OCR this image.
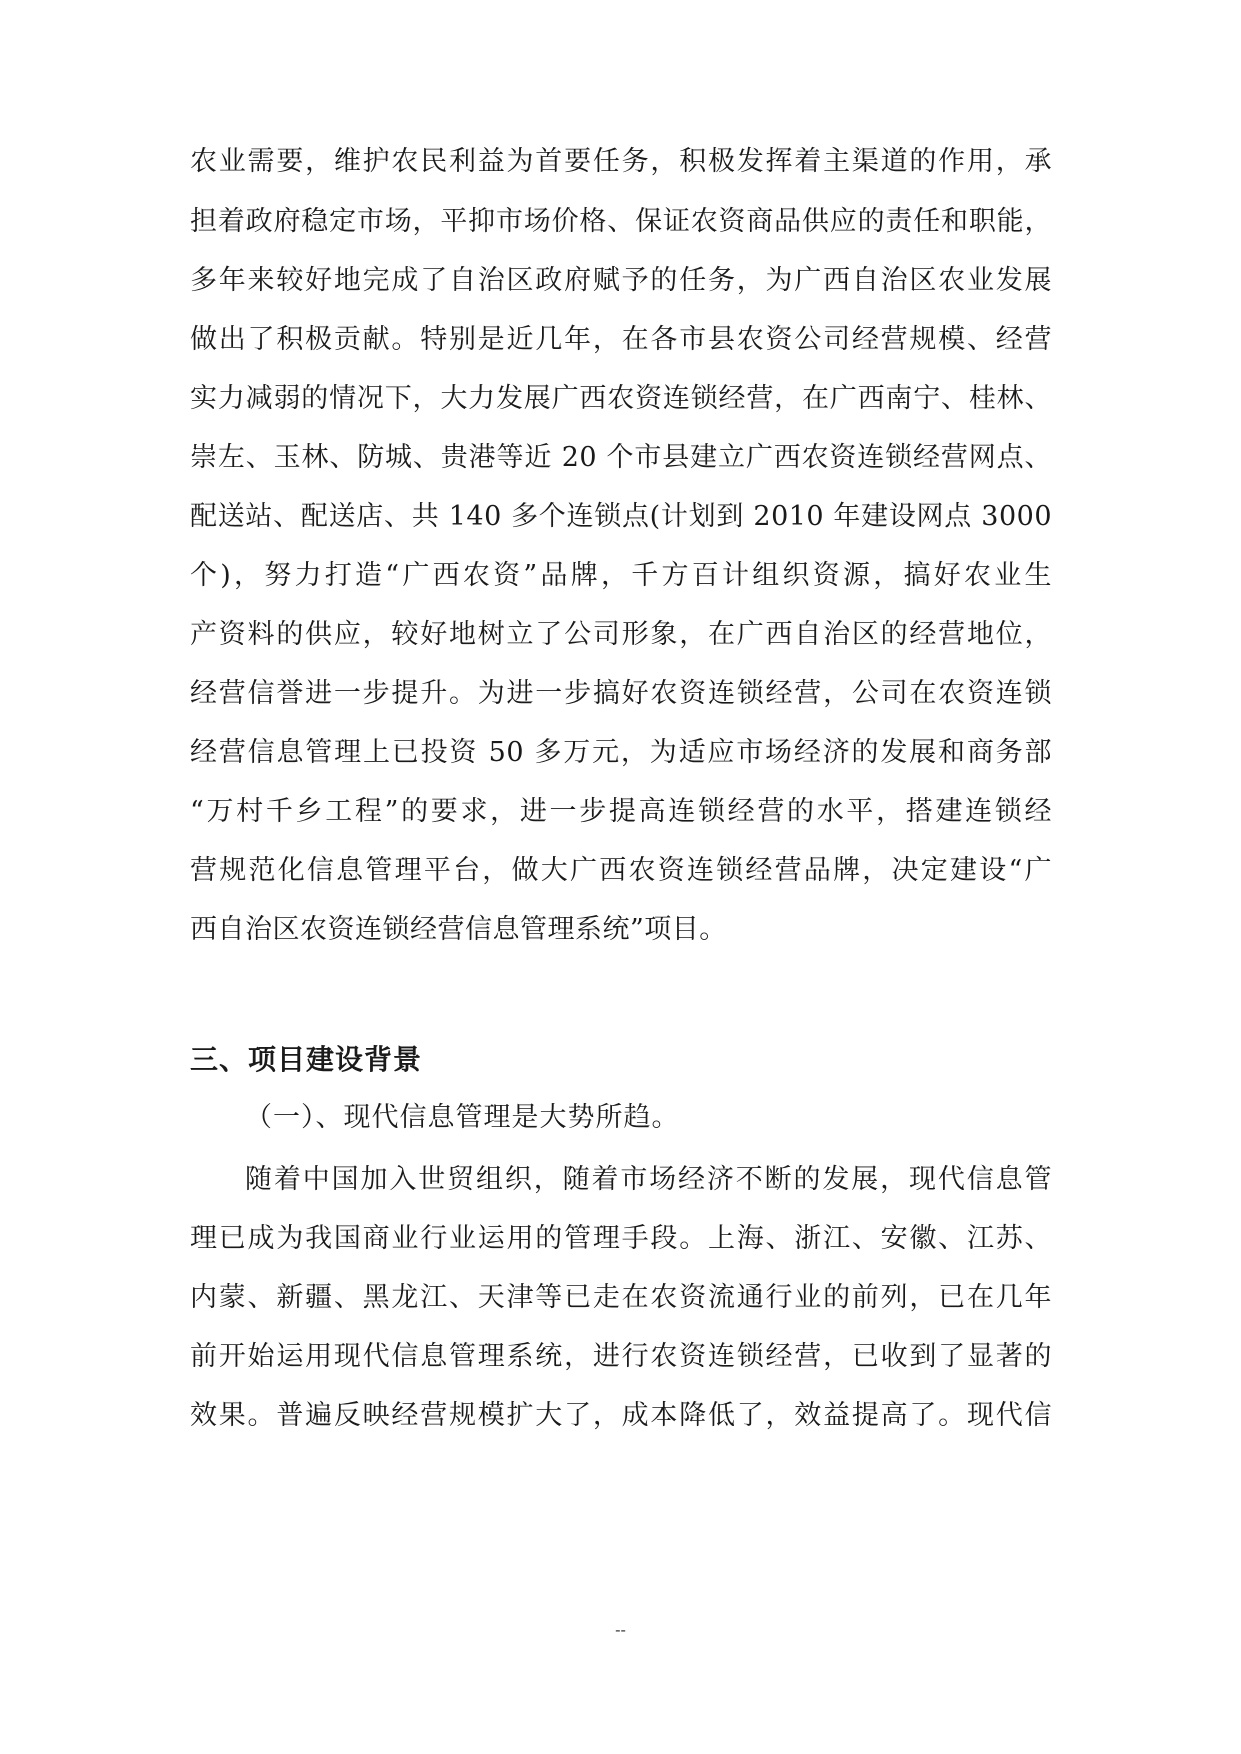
农业需要，维护农民利益为首要任务，积极发挥着主渠道的作用，承

担着政府稳定市场，平抑市场价格、保证农资商品供应的责任和职能，

多年来较好地完成了自治区政府赋予的任务，为广西自治区农业发展

做出了积极贡献。特别是近几年，在各市县农资公司经营规模、经营

实力减弱的情况下，大力发展广西农资连锁经营，在广西南宁、桂林、

崇左、玉林、防城、贵港等近 20 个市县建立广西农资连锁经营网点、

配送站、配送店、共 140 多个连锁点(计划到 2010 年建设网点 3000

个)，努力打造“广西农资”品牌，千方百计组织资源，搞好农业生

产资料的供应，较好地树立了公司形象，在广西自治区的经营地位，

经营信誉进一步提升。为进一步搞好农资连锁经营，公司在农资连锁

经营信息管理上已投资 50 多万元，为适应市场经济的发展和商务部

“万村千乡工程”的要求，进一步提高连锁经营的水平，搭建连锁经

营规范化信息管理平台，做大广西农资连锁经营品牌，决定建设“广

西自治区农资连锁经营信息管理系统”项目。

三、项目建设背景

（一）、现代信息管理是大势所趋。

随着中国加入世贸组织，随着市场经济不断的发展，现代信息管

理已成为我国商业行业运用的管理手段。上海、浙江、安徽、江苏、

内蒙、新疆、黑龙江、天津等已走在农资流通行业的前列，已在几年

前开始运用现代信息管理系统，进行农资连锁经营，已收到了显著的

效果。普遍反映经营规模扩大了，成本降低了，效益提高了。现代信

--
